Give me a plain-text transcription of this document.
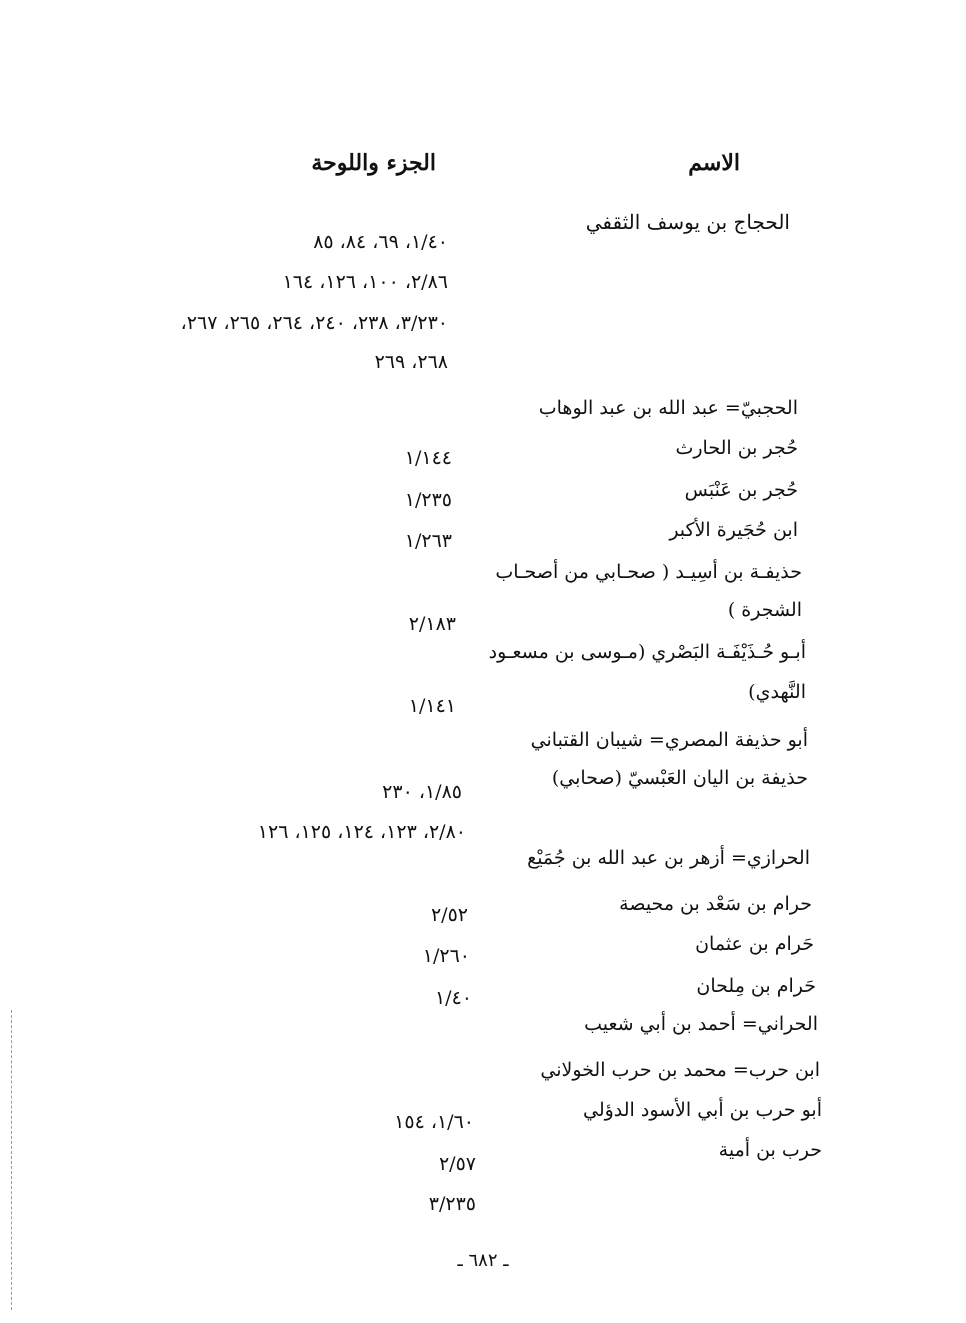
الاسم
الجزء واللوحة
الحجاج بن يوسف الثقفي
١/٤٠، ٦٩، ٨٤، ٨٥
٢/٨٦، ١٠٠، ١٢٦، ١٦٤
٣/٢٣٠، ٢٣٨، ٢٤٠، ٢٦٤، ٢٦٥، ٢٦٧،
٢٦٨، ٢٦٩
الحجبيّ= عبد الله بن عبد الوهاب
حُجر بن الحارث
١/١٤٤
حُجر بن عَنْبَس
١/٢٣٥
ابن حُجَيرة الأكبر
١/٢٦٣
حذيفـة بن أسِيـد ( صحـابي من أصحـاب
الشجرة )
٢/١٨٣
أبـو حُـذَيْفَـة البَصْري (مـوسى بن مسعـود
النَّهدي)
١/١٤١
أبو حذيفة المصري= شيبان القتباني
حذيفة بن اليان العَبْسيّ (صحابي)
١/٨٥، ٢٣٠
٢/٨٠، ١٢٣، ١٢٤، ١٢٥، ١٢٦
الحرازي= أزهر بن عبد الله بن جُمَيْع
حرام بن سَعْد بن محيصة
٢/٥٢
حَرام بن عثمان
١/٢٦٠
حَرام بن مِلحان
١/٤٠
الحراني= أحمد بن أبي شعيب
ابن حرب= محمد بن حرب الخولاني
أبو حرب بن أبي الأسود الدؤلي
١/٦٠، ١٥٤
حرب بن أمية
٢/٥٧
٣/٢٣٥
ـ ٦٨٢ ـ
